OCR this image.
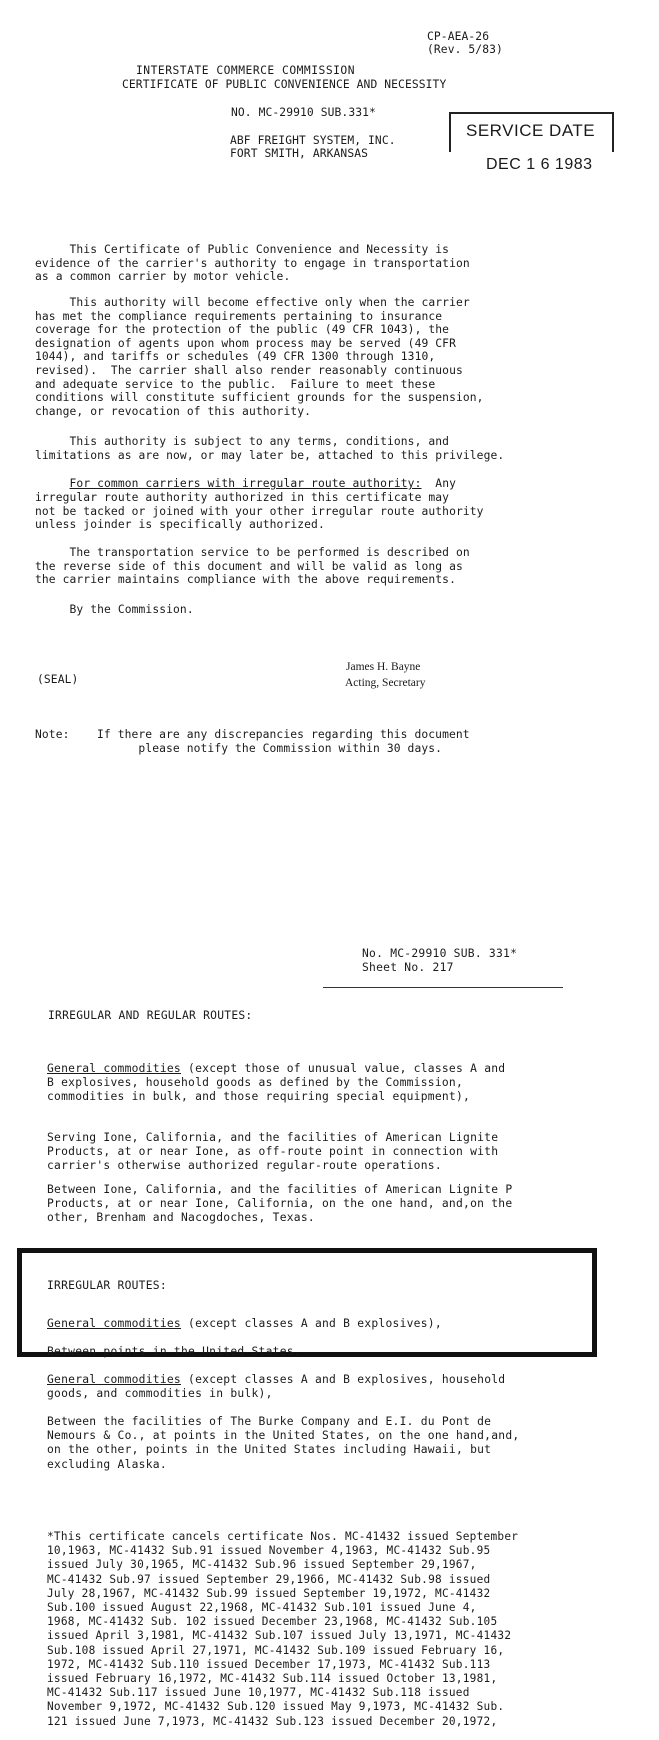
CP-AEA-26
(Rev. 5/83)
INTERSTATE COMMERCE COMMISSION
CERTIFICATE OF PUBLIC CONVENIENCE AND NECESSITY
NO. MC-29910 SUB.331*
ABF FREIGHT SYSTEM, INC.
FORT SMITH, ARKANSAS
SERVICE DATE
DEC 1 6 1983
This Certificate of Public Convenience and Necessity is
evidence of the carrier's authority to engage in transportation
as a common carrier by motor vehicle.
This authority will become effective only when the carrier
has met the compliance requirements pertaining to insurance
coverage for the protection of the public (49 CFR 1043), the
designation of agents upon whom process may be served (49 CFR
1044), and tariffs or schedules (49 CFR 1300 through 1310,
revised).  The carrier shall also render reasonably continuous
and adequate service to the public.  Failure to meet these
conditions will constitute sufficient grounds for the suspension,
change, or revocation of this authority.
This authority is subject to any terms, conditions, and
limitations as are now, or may later be, attached to this privilege.
For common carriers with irregular route authority:  Any
irregular route authority authorized in this certificate may
not be tacked or joined with your other irregular route authority
unless joinder is specifically authorized.
The transportation service to be performed is described on
the reverse side of this document and will be valid as long as
the carrier maintains compliance with the above requirements.
By the Commission.
James H. Bayne
Acting, Secretary
(SEAL)
Note: If there are any discrepancies regarding this document
please notify the Commission within 30 days.
No. MC-29910 SUB. 331*
Sheet No. 217
IRREGULAR AND REGULAR ROUTES:
General commodities (except those of unusual value, classes A and
B explosives, household goods as defined by the Commission,
commodities in bulk, and those requiring special equipment),
Serving Ione, California, and the facilities of American Lignite
Products, at or near Ione, as off-route point in connection with
carrier's otherwise authorized regular-route operations.
Between Ione, California, and the facilities of American Lignite P
Products, at or near Ione, California, on the one hand, and,on the
other, Brenham and Nacogdoches, Texas.
IRREGULAR ROUTES:
General commodities (except classes A and B explosives),
Between points in the United States.
General commodities (except classes A and B explosives, household
goods, and commodities in bulk),
Between the facilities of The Burke Company and E.I. du Pont de
Nemours & Co., at points in the United States, on the one hand,and,
on the other, points in the United States including Hawaii, but
excluding Alaska.
*This certificate cancels certificate Nos. MC-41432 issued September
10,1963, MC-41432 Sub.91 issued November 4,1963, MC-41432 Sub.95
issued July 30,1965, MC-41432 Sub.96 issued September 29,1967,
MC-41432 Sub.97 issued September 29,1966, MC-41432 Sub.98 issued
July 28,1967, MC-41432 Sub.99 issued September 19,1972, MC-41432
Sub.100 issued August 22,1968, MC-41432 Sub.101 issued June 4,
1968, MC-41432 Sub. 102 issued December 23,1968, MC-41432 Sub.105
issued April 3,1981, MC-41432 Sub.107 issued July 13,1971, MC-41432
Sub.108 issued April 27,1971, MC-41432 Sub.109 issued February 16,
1972, MC-41432 Sub.110 issued December 17,1973, MC-41432 Sub.113
issued February 16,1972, MC-41432 Sub.114 issued October 13,1981,
MC-41432 Sub.117 issued June 10,1977, MC-41432 Sub.118 issued
November 9,1972, MC-41432 Sub.120 issued May 9,1973, MC-41432 Sub.
121 issued June 7,1973, MC-41432 Sub.123 issued December 20,1972,
